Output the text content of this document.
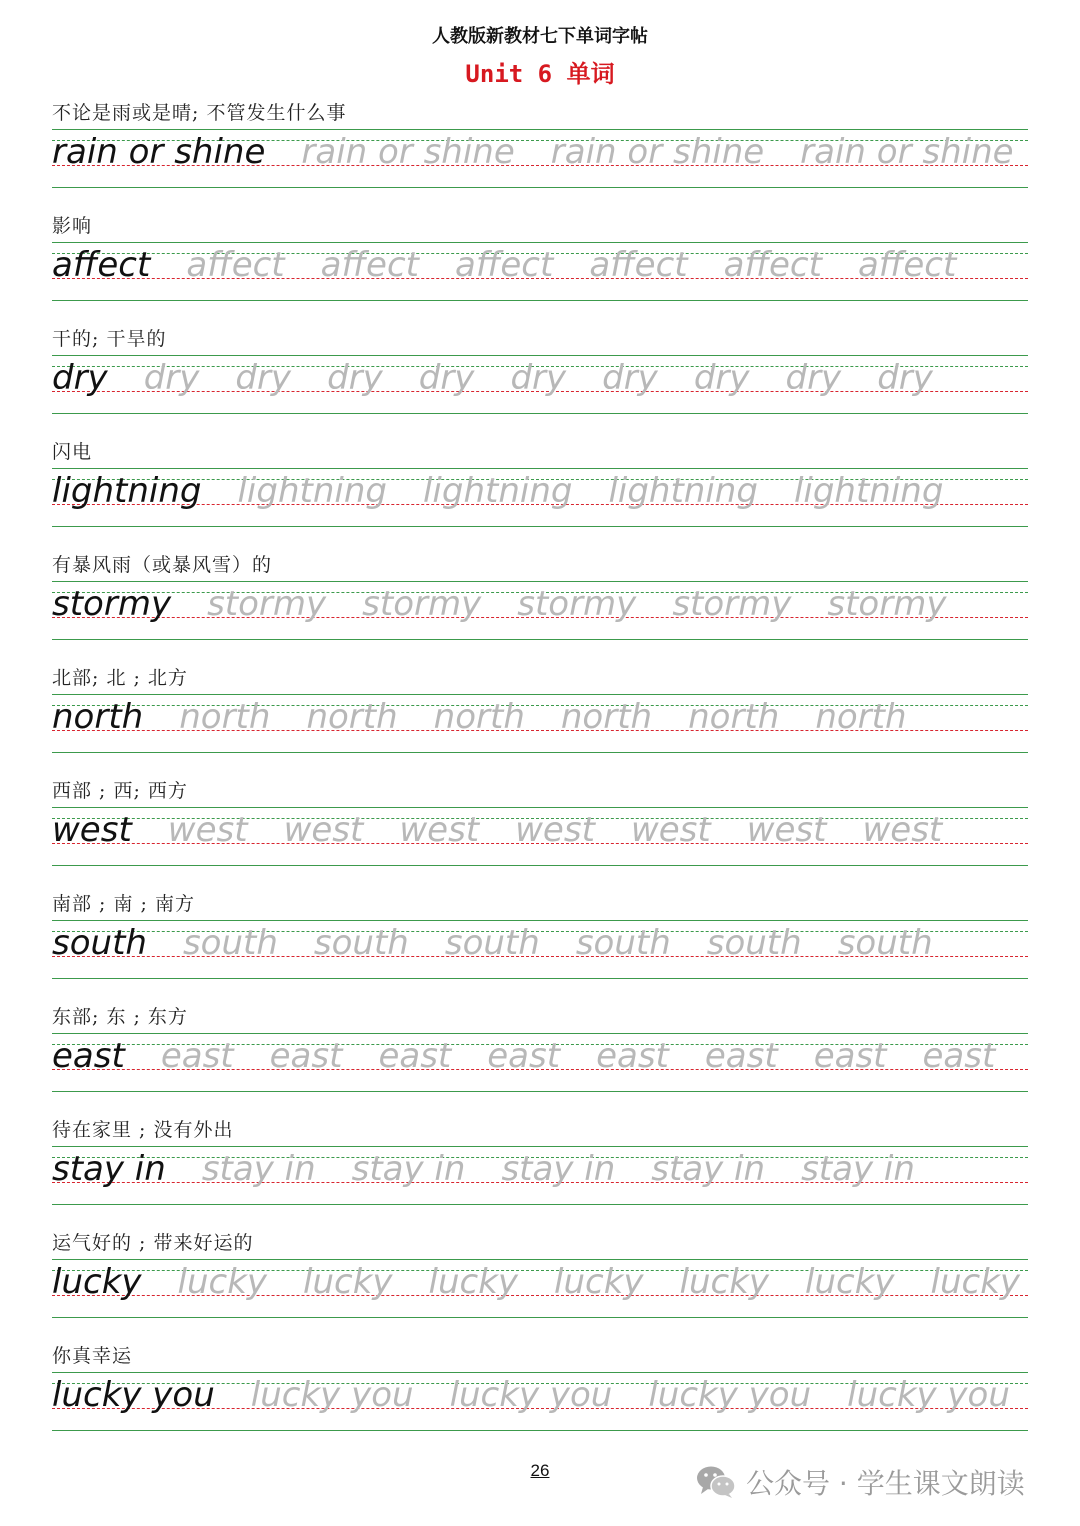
人教版新教材七下单词字帖
Unit 6 单词
不论是雨或是晴; 不管发生什么事
rain or shine rain or shine rain or shine rain or shine
影响
affect affect affect affect affect affect affect
干的; 干旱的
dry dry dry dry dry dry dry dry dry dry
闪电
lightning lightning lightning lightning lightning
有暴风雨（或暴风雪）的
stormy stormy stormy stormy stormy stormy
北部; 北 ; 北方
north north north north north north north
西部 ; 西; 西方
west west west west west west west west
南部 ; 南 ; 南方
south south south south south south south
东部; 东 ; 东方
east east east east east east east east east
待在家里 ; 没有外出
stay in stay in stay in stay in stay in stay in
运气好的 ; 带来好运的
lucky lucky lucky lucky lucky lucky lucky lucky
你真幸运
lucky you lucky you lucky you lucky you lucky you
26	公众号 · 学生课文朗读
